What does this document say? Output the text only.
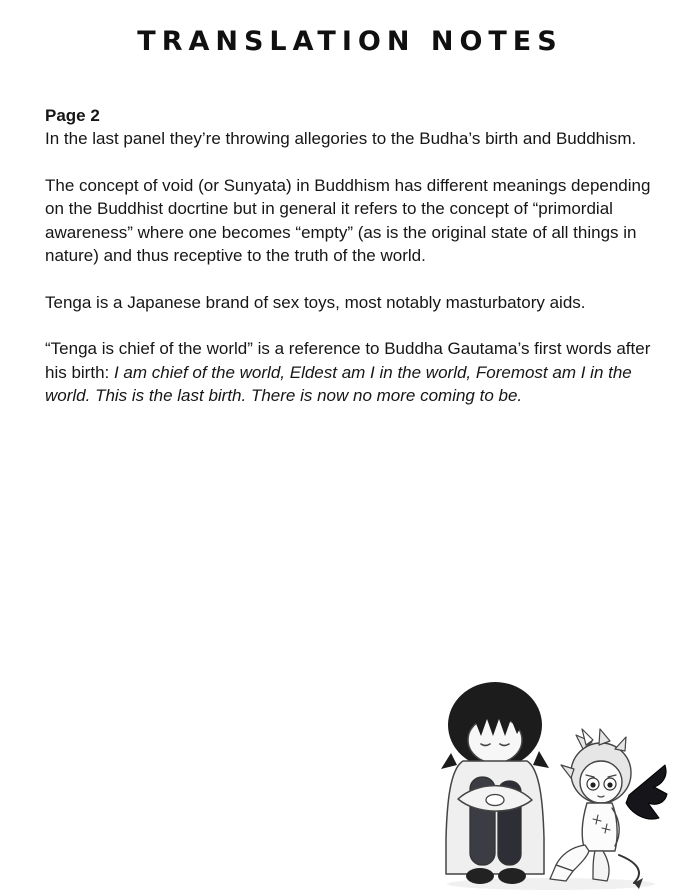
TRANSLATION NOTES

Page 2
In the last panel they’re throwing allegories to the Budha’s birth and Buddhism.

The concept of void (or Sunyata) in Buddhism has different meanings depending on the Buddhist docrtine but in general it refers to the concept of “primordial awareness” where one becomes “empty” (as is the original state of all things in nature) and thus receptive to the truth of the world.

Tenga is a Japanese brand of sex toys, most notably masturbatory aids.

“Tenga is chief of the world” is a reference to Buddha Gautama’s first words after his birth: I am chief of the world, Eldest am I in the world, Foremost am I in the world. This is the last birth. There is now no more coming to be.
